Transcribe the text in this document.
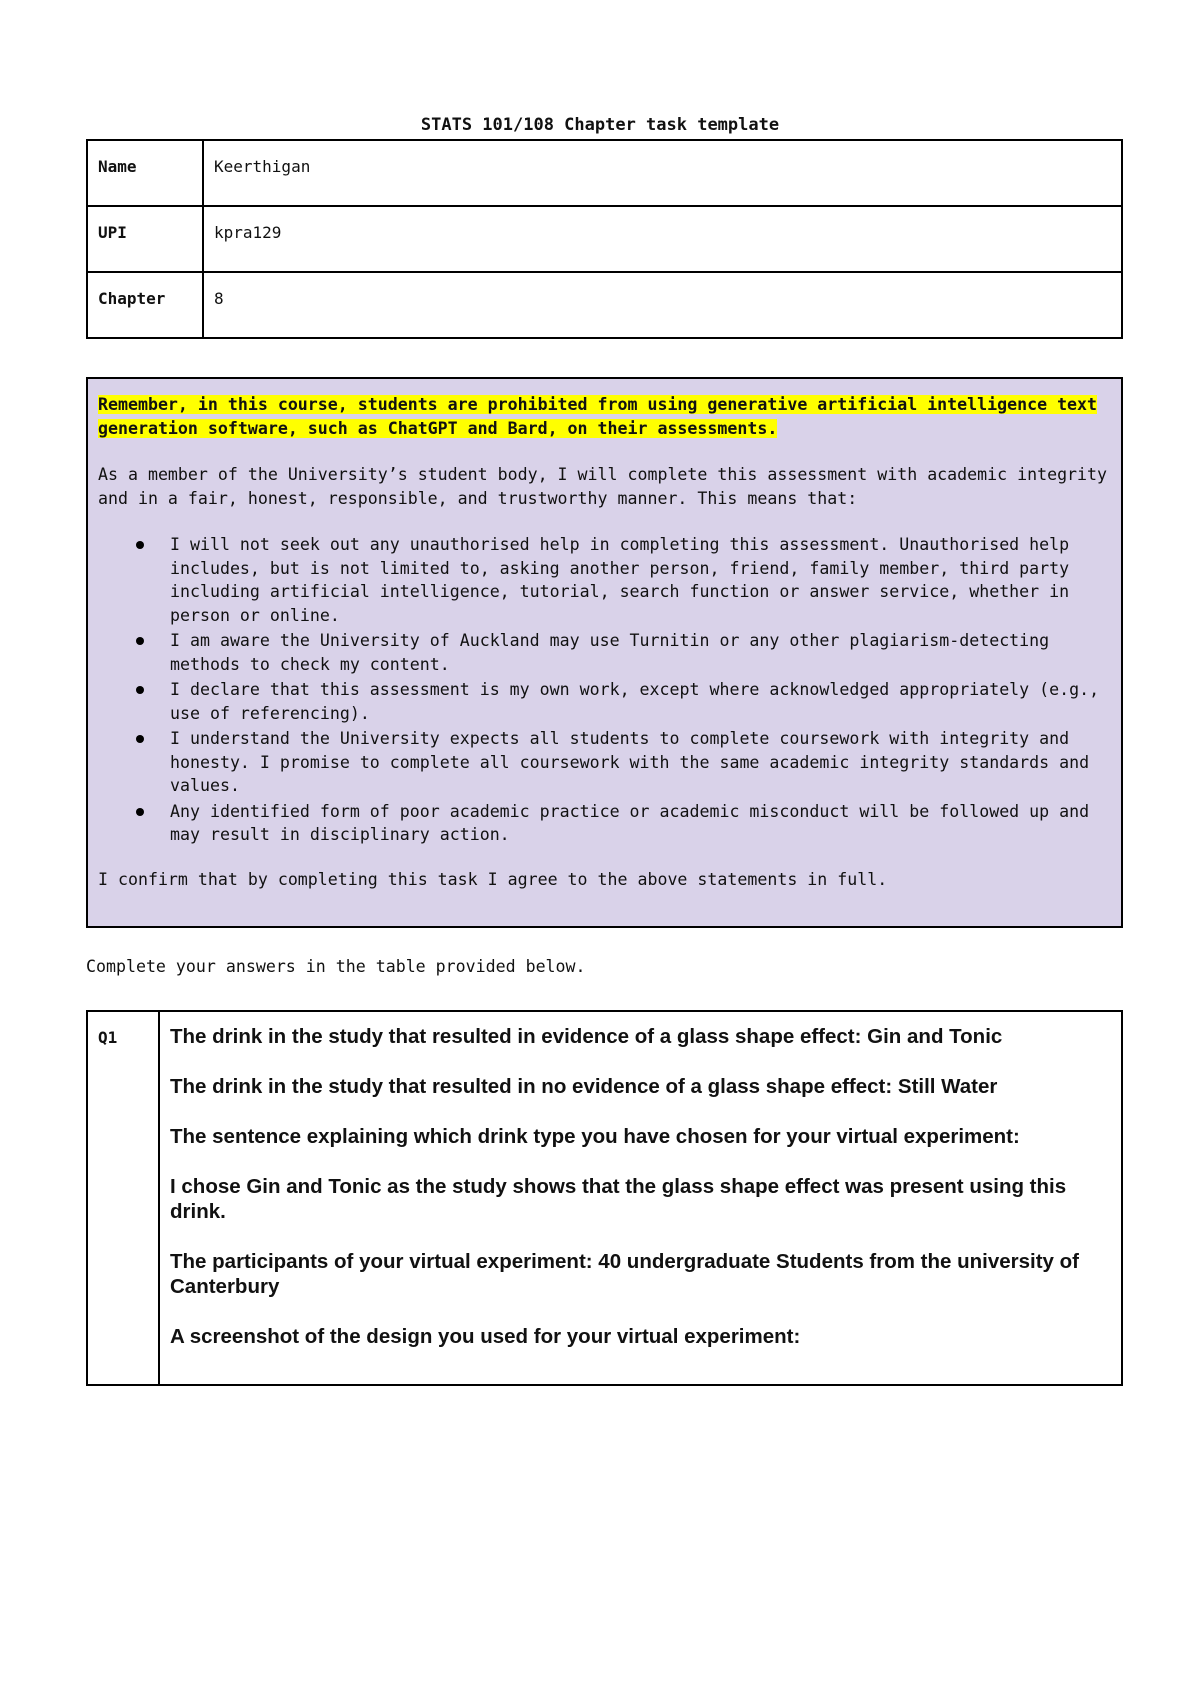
STATS 101/108 Chapter task template
Name	Keerthigan
UPI	kpra129
Chapter	8

Remember, in this course, students are prohibited from using generative artificial intelligence text generation software, such as ChatGPT and Bard, on their assessments.

As a member of the University’s student body, I will complete this assessment with academic integrity and in a fair, honest, responsible, and trustworthy manner. This means that:

I will not seek out any unauthorised help in completing this assessment. Unauthorised help includes, but is not limited to, asking another person, friend, family member, third party including artificial intelligence, tutorial, search function or answer service, whether in person or online.
I am aware the University of Auckland may use Turnitin or any other plagiarism-detecting methods to check my content.
I declare that this assessment is my own work, except where acknowledged appropriately (e.g., use of referencing).
I understand the University expects all students to complete coursework with integrity and honesty. I promise to complete all coursework with the same academic integrity standards and values.
Any identified form of poor academic practice or academic misconduct will be followed up and may result in disciplinary action.

I confirm that by completing this task I agree to the above statements in full.

Complete your answers in the table provided below.
Q1	The drink in the study that resulted in evidence of a glass shape effect: Gin and Tonic

The drink in the study that resulted in no evidence of a glass shape effect: Still Water

The sentence explaining which drink type you have chosen for your virtual experiment:

I chose Gin and Tonic as the study shows that the glass shape effect was present using this drink.

The participants of your virtual experiment: 40 undergraduate Students from the university of Canterbury

A screenshot of the design you used for your virtual experiment:
